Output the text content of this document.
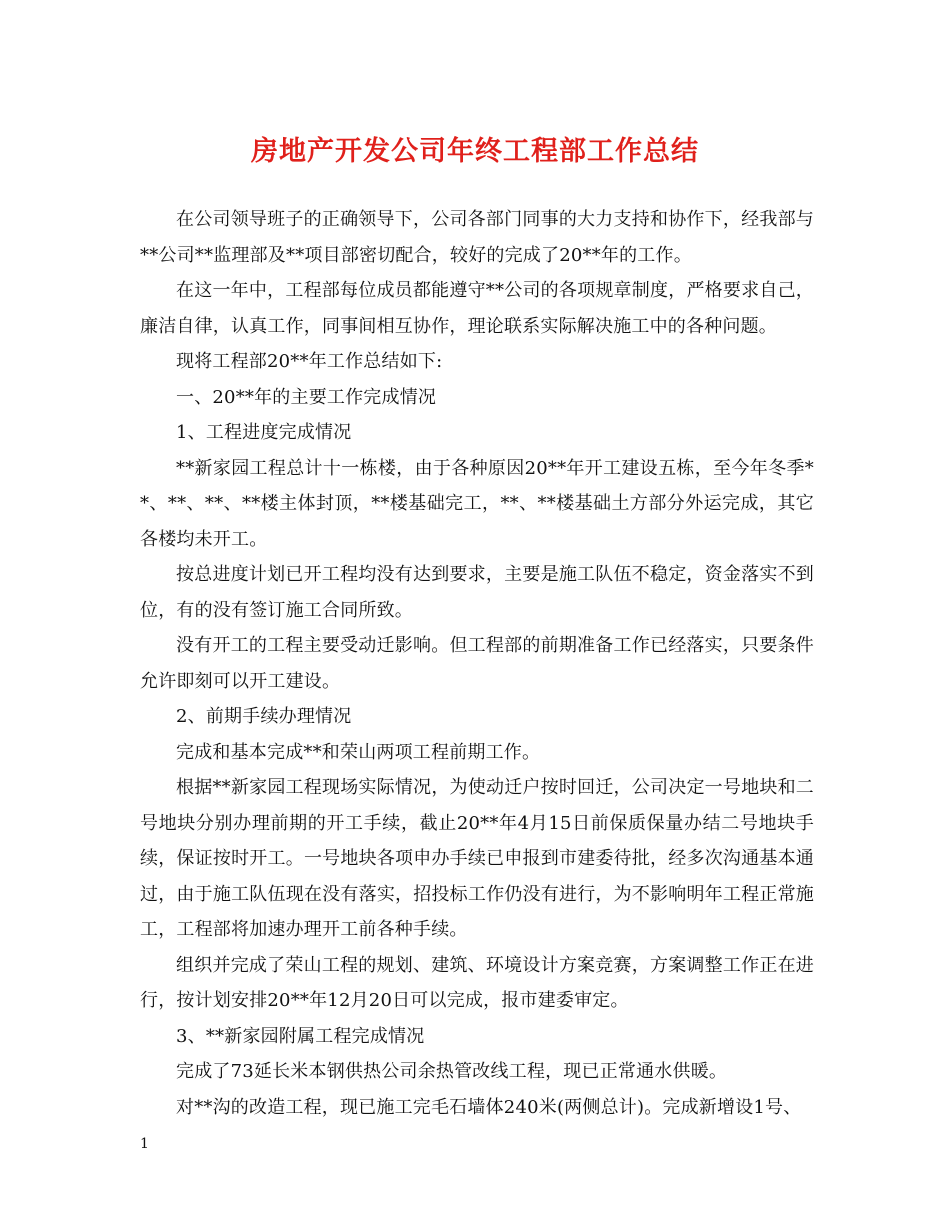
房地产开发公司年终工程部工作总结

在公司领导班子的正确领导下，公司各部门同事的大力支持和协作下，经我部与**公司**监理部及**项目部密切配合，较好的完成了20**年的工作。

在这一年中，工程部每位成员都能遵守**公司的各项规章制度，严格要求自己，廉洁自律，认真工作，同事间相互协作，理论联系实际解决施工中的各种问题。

现将工程部20**年工作总结如下:

一、20**年的主要工作完成情况

1、工程进度完成情况

**新家园工程总计十一栋楼，由于各种原因20**年开工建设五栋，至今年冬季**、**、**、**楼主体封顶，**楼基础完工，**、**楼基础土方部分外运完成，其它各楼均未开工。

按总进度计划已开工程均没有达到要求，主要是施工队伍不稳定，资金落实不到位，有的没有签订施工合同所致。

没有开工的工程主要受动迁影响。但工程部的前期准备工作已经落实，只要条件允许即刻可以开工建设。

2、前期手续办理情况

完成和基本完成**和荣山两项工程前期工作。

根据**新家园工程现场实际情况，为使动迁户按时回迁，公司决定一号地块和二号地块分别办理前期的开工手续，截止20**年4月15日前保质保量办结二号地块手续，保证按时开工。一号地块各项申办手续已申报到市建委待批，经多次沟通基本通过，由于施工队伍现在没有落实，招投标工作仍没有进行，为不影响明年工程正常施工，工程部将加速办理开工前各种手续。

组织并完成了荣山工程的规划、建筑、环境设计方案竞赛，方案调整工作正在进行，按计划安排20**年12月20日可以完成，报市建委审定。

3、**新家园附属工程完成情况

完成了73延长米本钢供热公司余热管改线工程，现已正常通水供暖。

对**沟的改造工程，现已施工完毛石墙体240米(两侧总计)。完成新增设1号、

1
